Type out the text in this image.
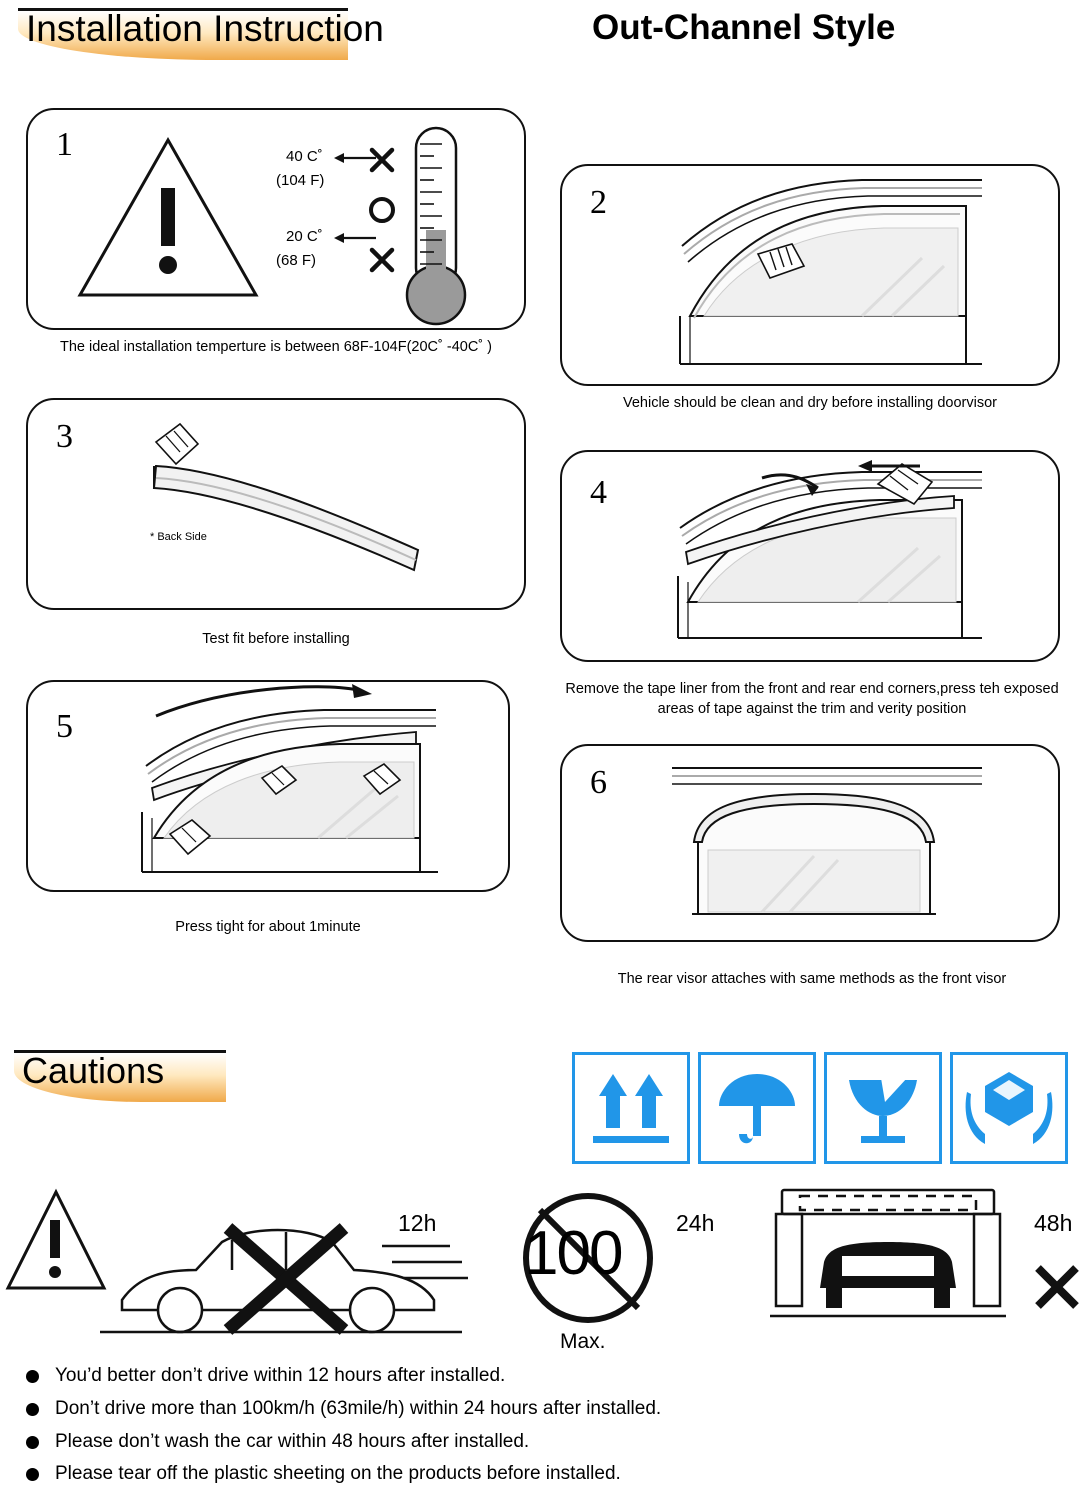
Installation Instruction	Out-Channel Style
1	40 C˚
(104 F)
20 C˚
(68 F)
The ideal installation temperture is between 68F-104F(20C˚ -40C˚ )
2
Vehicle should be clean and dry before installing doorvisor
3
* Back Side
Test fit before installing
4
Remove the tape liner from the front and rear end corners,press teh exposed areas of tape against the trim and verity position
5
Press tight for about 1minute
6
The rear visor attaches with same methods as the front visor
Cautions
12h 100
Max.
24h	48h
You’d better don’t drive within 12 hours after installed.
Don’t drive more than 100km/h (63mile/h) within 24 hours after installed.
Please don’t wash the car within 48 hours after installed.
Please tear off the plastic sheeting on the products before installed.
